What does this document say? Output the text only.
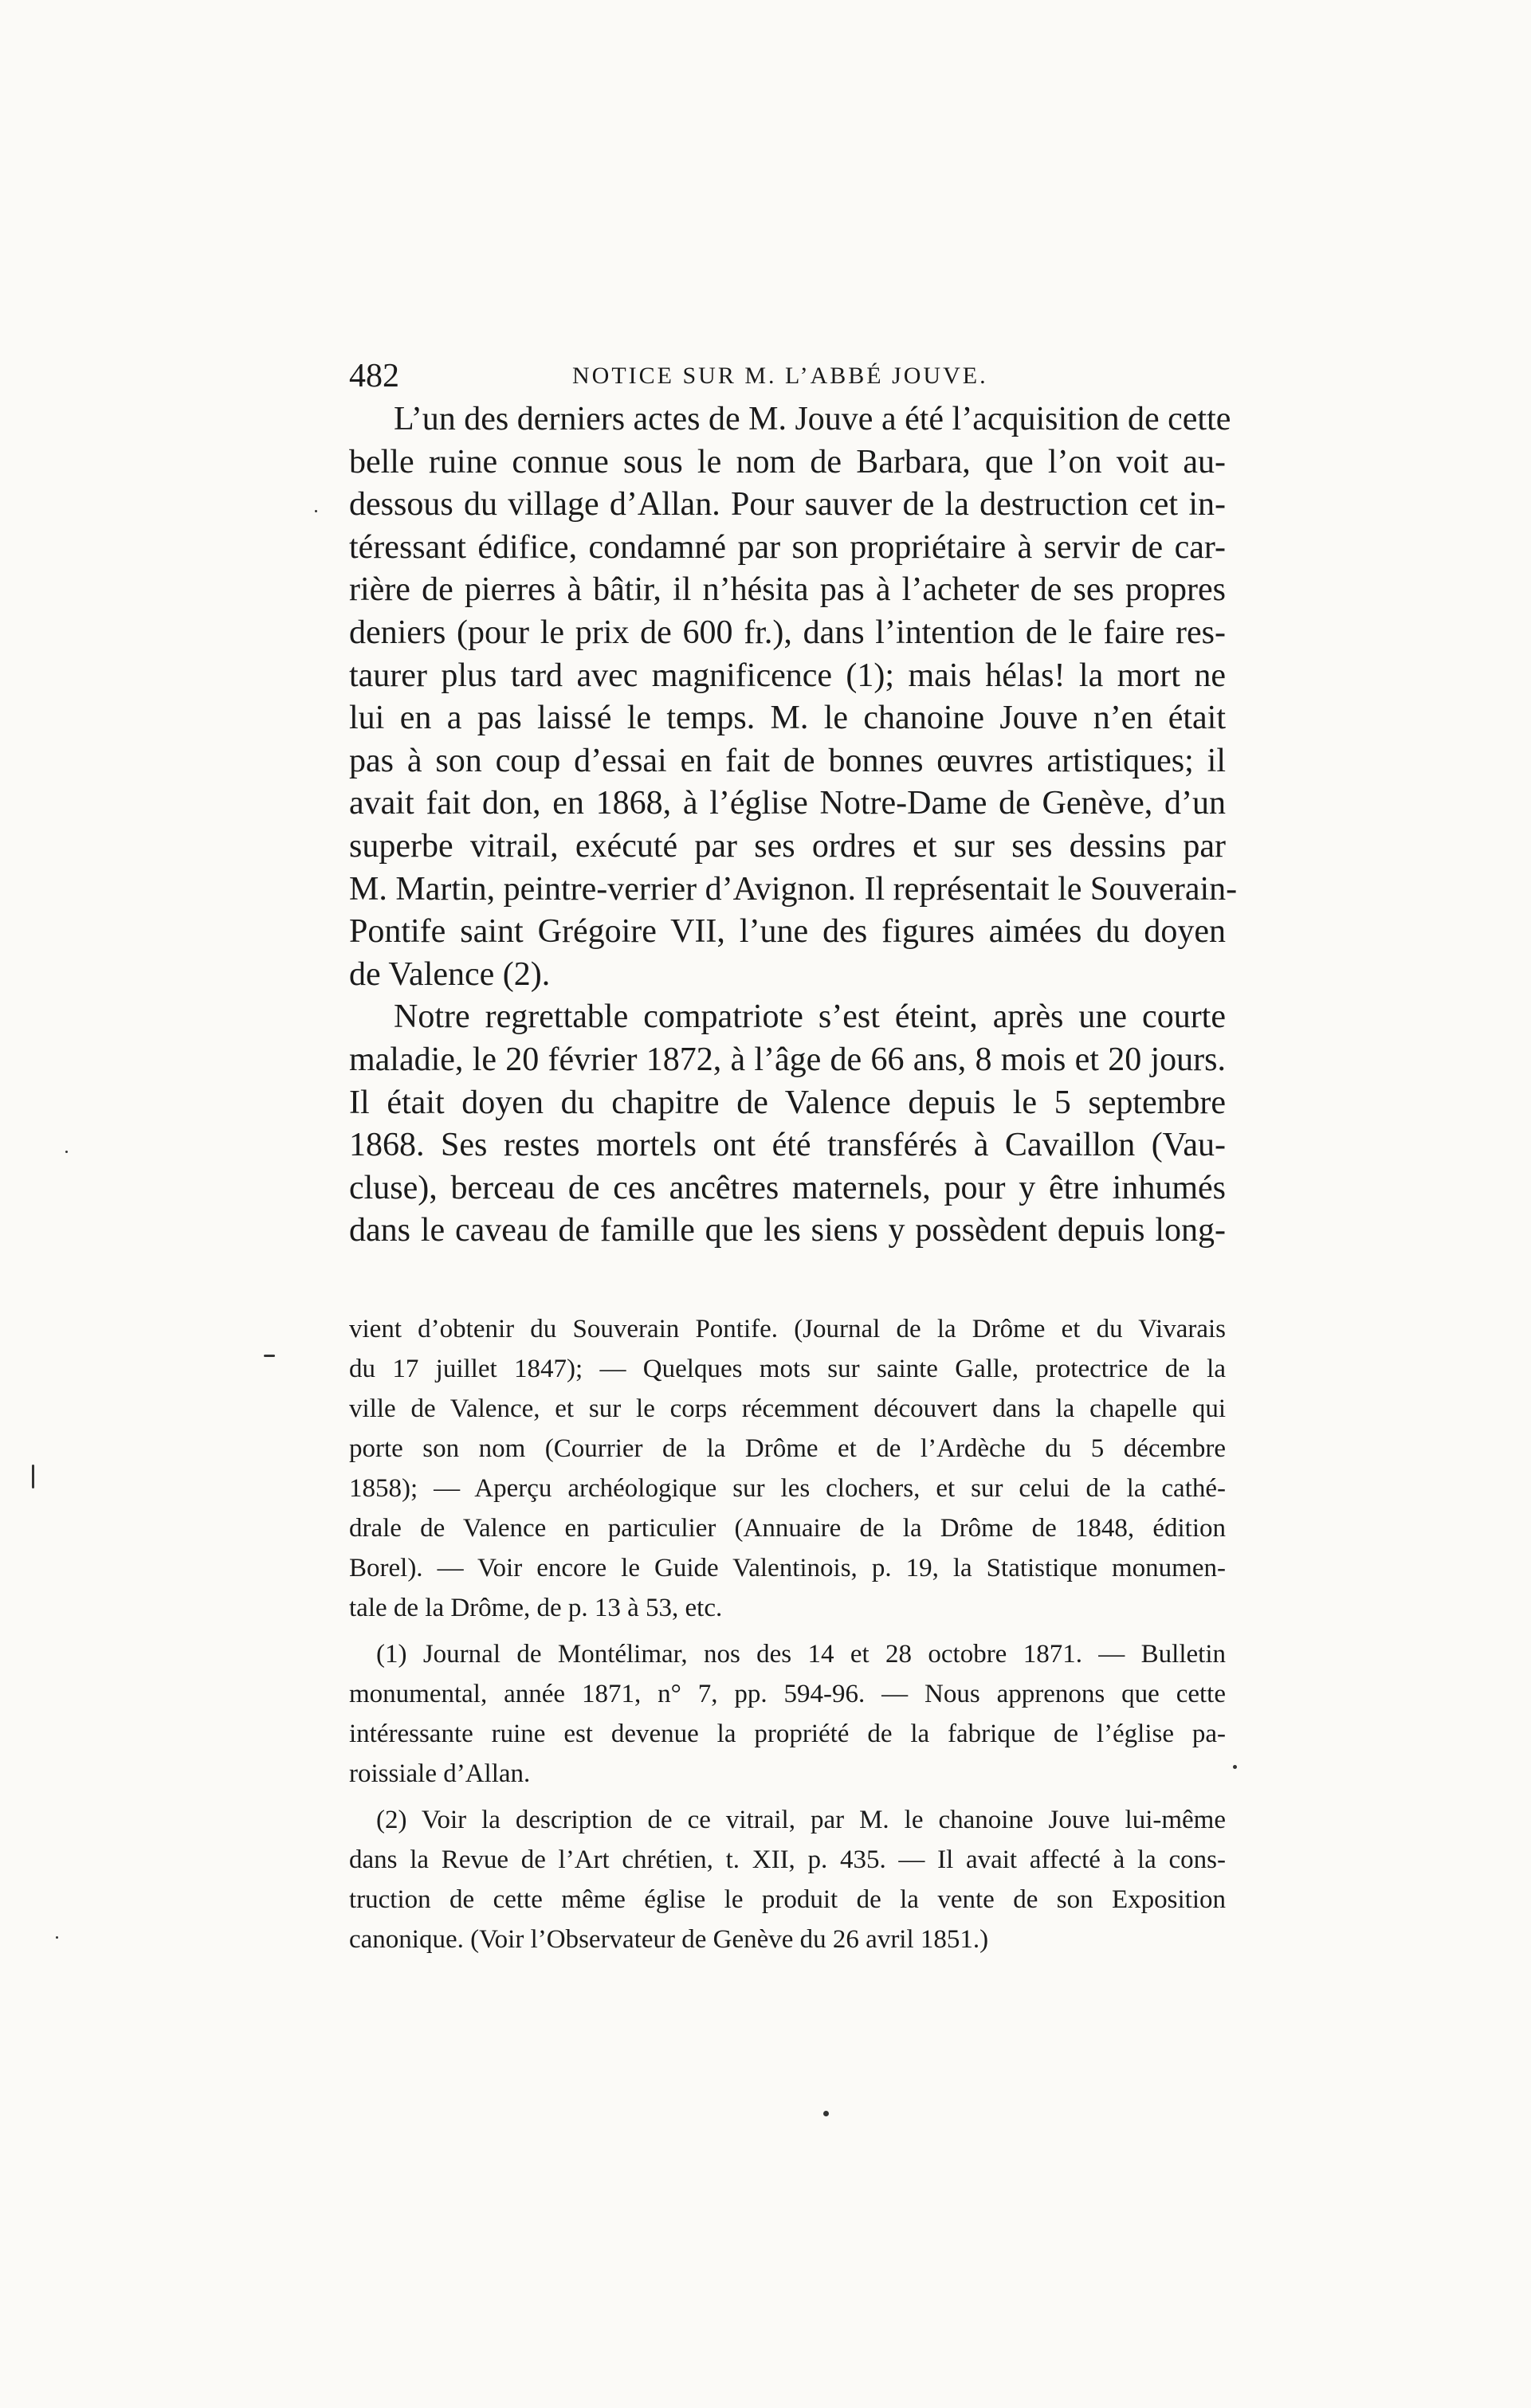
482	NOTICE SUR M. L’ABBÉ JOUVE.
L’un des derniers actes de M. Jouve a été l’acquisition de cette
belle ruine connue sous le nom de Barbara, que l’on voit au-
dessous du village d’Allan. Pour sauver de la destruction cet in-
téressant édifice, condamné par son propriétaire à servir de car-
rière de pierres à bâtir, il n’hésita pas à l’acheter de ses propres
deniers (pour le prix de 600 fr.), dans l’intention de le faire res-
taurer plus tard avec magnificence (1); mais hélas! la mort ne
lui en a pas laissé le temps. M. le chanoine Jouve n’en était
pas à son coup d’essai en fait de bonnes œuvres artistiques; il
avait fait don, en 1868, à l’église Notre-Dame de Genève, d’un
superbe vitrail, exécuté par ses ordres et sur ses dessins par
M. Martin, peintre-verrier d’Avignon. Il représentait le Souverain-
Pontife saint Grégoire VII, l’une des figures aimées du doyen
de Valence (2).
Notre regrettable compatriote s’est éteint, après une courte
maladie, le 20 février 1872, à l’âge de 66 ans, 8 mois et 20 jours.
Il était doyen du chapitre de Valence depuis le 5 septembre
1868. Ses restes mortels ont été transférés à Cavaillon (Vau-
cluse), berceau de ces ancêtres maternels, pour y être inhumés
dans le caveau de famille que les siens y possèdent depuis long-
vient d’obtenir du Souverain Pontife. (Journal de la Drôme et du Vivarais
du 17 juillet 1847); — Quelques mots sur sainte Galle, protectrice de la
ville de Valence, et sur le corps récemment découvert dans la chapelle qui
porte son nom (Courrier de la Drôme et de l’Ardèche du 5 décembre
1858); — Aperçu archéologique sur les clochers, et sur celui de la cathé-
drale de Valence en particulier (Annuaire de la Drôme de 1848, édition
Borel). — Voir encore le Guide Valentinois, p. 19, la Statistique monumen-
tale de la Drôme, de p. 13 à 53, etc.
(1) Journal de Montélimar, nos des 14 et 28 octobre 1871. — Bulletin
monumental, année 1871, n° 7, pp. 594-96. — Nous apprenons que cette
intéressante ruine est devenue la propriété de la fabrique de l’église pa-
roissiale d’Allan.
(2) Voir la description de ce vitrail, par M. le chanoine Jouve lui-même
dans la Revue de l’Art chrétien, t. XII, p. 435. — Il avait affecté à la cons-
truction de cette même église le produit de la vente de son Exposition
canonique. (Voir l’Observateur de Genève du 26 avril 1851.)
